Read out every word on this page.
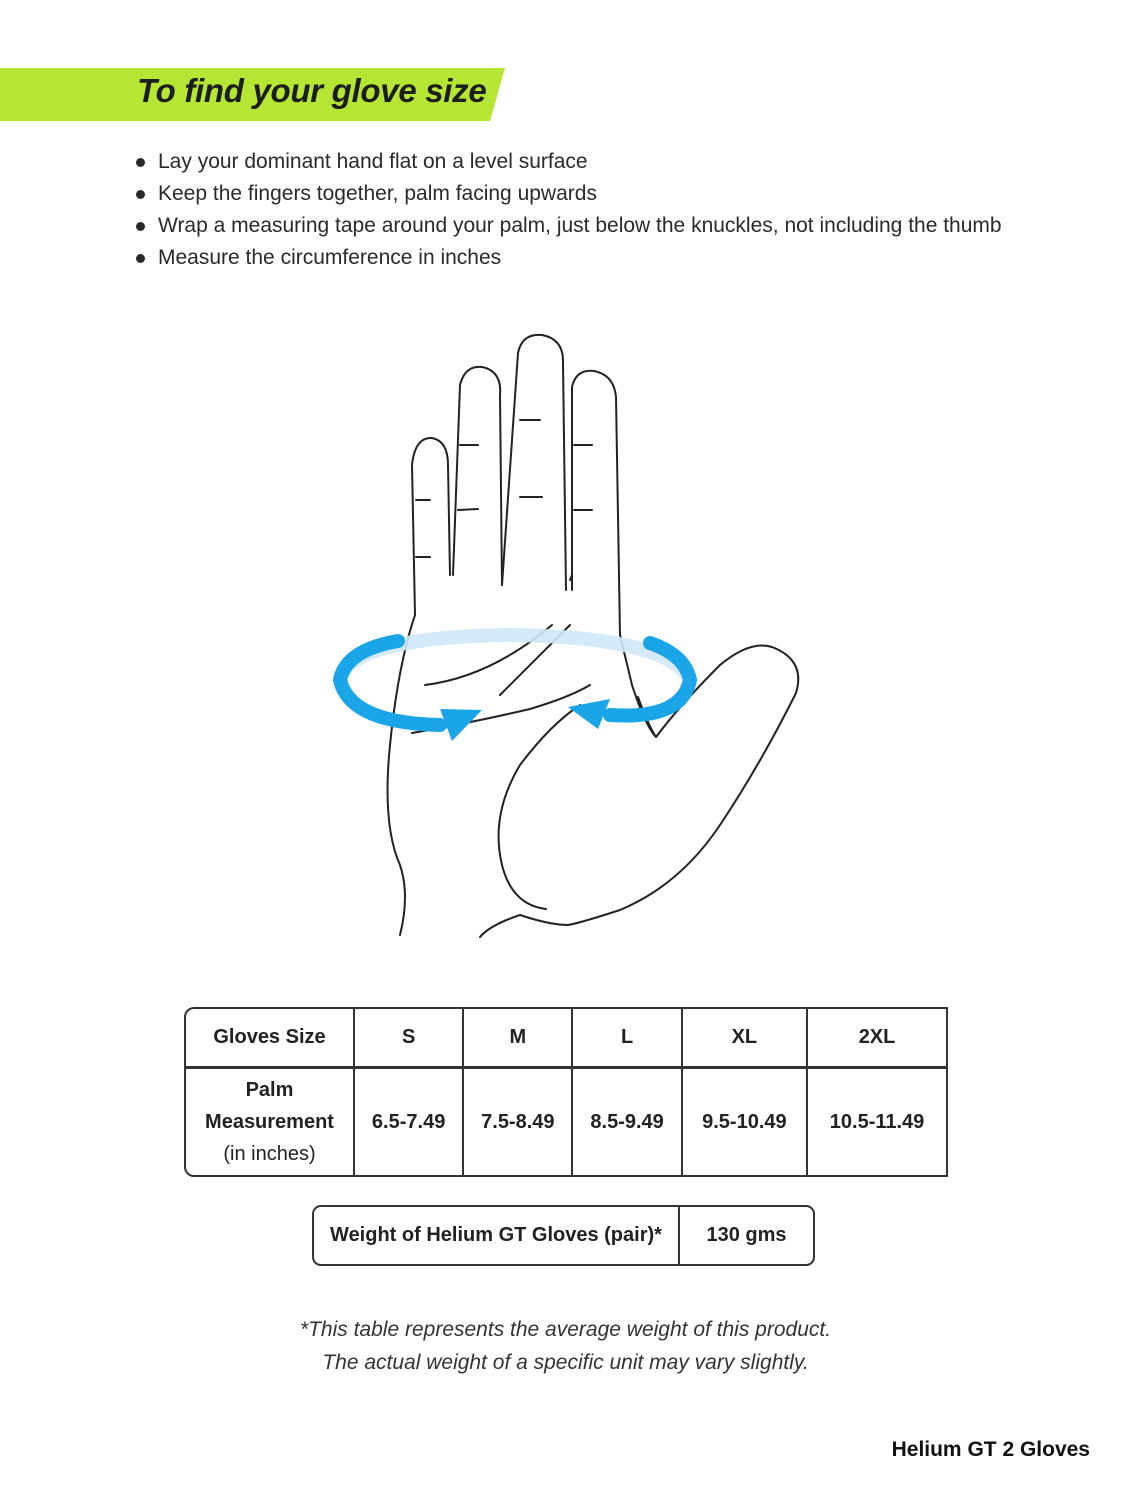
To find your glove size
Lay your dominant hand flat on a level surface
Keep the fingers together, palm facing upwards
Wrap a measuring tape around your palm, just below the knuckles, not including the thumb
Measure the circumference in inches
Gloves Size	S	M	L	XL	2XL

Palm
Measurement
(in inches)	6.5-7.49	7.5-8.49	8.5-9.49	9.5-10.49	10.5-11.49
Weight of Helium GT Gloves (pair)*	130 gms
*This table represents the average weight of this product.
The actual weight of a specific unit may vary slightly.
Helium GT 2 Gloves
